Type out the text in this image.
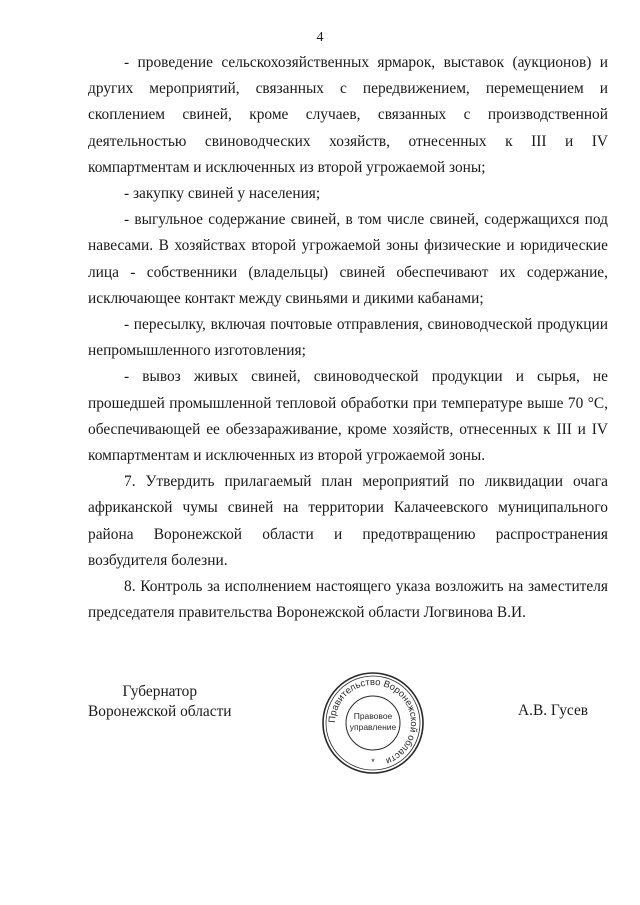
4

- проведение сельскохозяйственных ярмарок, выставок (аукционов) и других мероприятий, связанных с передвижением, перемещением и скоплением свиней, кроме случаев, связанных с производственной деятельностью свиноводческих хозяйств, отнесенных к III и IV компартментам и исключенных из второй угрожаемой зоны;

- закупку свиней у населения;

- выгульное содержание свиней, в том числе свиней, содержащихся под навесами. В хозяйствах второй угрожаемой зоны физические и юридические лица - собственники (владельцы) свиней обеспечивают их содержание, исключающее контакт между свиньями и дикими кабанами;

- пересылку, включая почтовые отправления, свиноводческой продукции непромышленного изготовления;

- вывоз живых свиней, свиноводческой продукции и сырья, не прошедшей промышленной тепловой обработки при температуре выше 70 °С, обеспечивающей ее обеззараживание, кроме хозяйств, отнесенных к III и IV компартментам и исключенных из второй угрожаемой зоны.

7. Утвердить прилагаемый план мероприятий по ликвидации очага африканской чумы свиней на территории Калачеевского муниципального района Воронежской области и предотвращению распространения возбудителя болезни.

8. Контроль за исполнением настоящего указа возложить на заместителя председателя правительства Воронежской области Логвинова В.И.

Губернатор
Воронежской области	Правительство Воронежской области
Правовое
управление
*
А.В. Гусев
